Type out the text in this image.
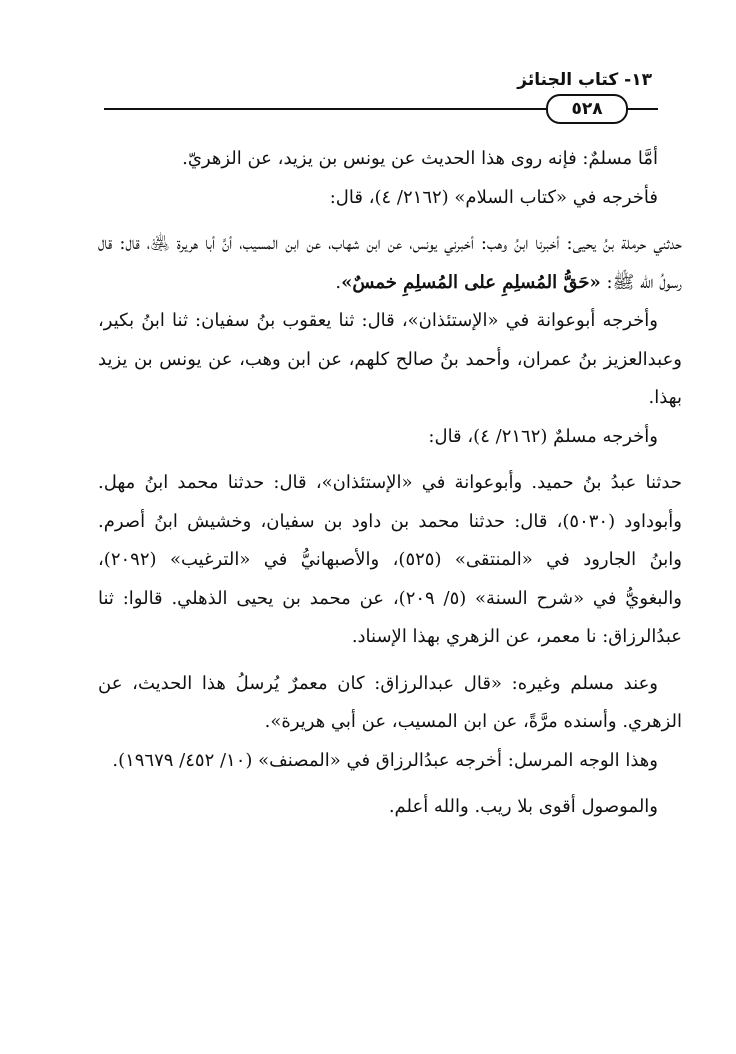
١٣- كتاب الجنائز
٥٢٨

أمَّا مسلمٌ: فإنه روى هذا الحديث عن يونس بن يزيد، عن الزهريّ.

فأخرجه في «كتاب السلام» (٢١٦٢/ ٤)، قال:

حدثني حرملة بنُ يحيى: أخبرنا ابنُ وهب: أخبرني يونس، عن ابن شهاب، عن ابن المسيب، أنَّ أبا هريرة ﵁، قال: قال رسولُ الله ﷺ: «حَقُّ المُسلِمِ على المُسلِمِ خمسٌ».

وأخرجه أبوعوانة في «الإستئذان»، قال: ثنا يعقوب بنُ سفيان: ثنا ابنُ بكير، وعبدالعزيز بنُ عمران، وأحمد بنُ صالح كلهم، عن ابن وهب، عن يونس بن يزيد بهذا.

وأخرجه مسلمٌ (٢١٦٢/ ٤)، قال:

حدثنا عبدُ بنُ حميد. وأبوعوانة في «الإستئذان»، قال: حدثنا محمد ابنُ مهل. وأبوداود (٥٠٣٠)، قال: حدثنا محمد بن داود بن سفيان، وخشيش ابنُ أصرم. وابنُ الجارود في «المنتقى» (٥٢٥)، والأصبهانيُّ في «الترغيب» (٢٠٩٢)، والبغويُّ في «شرح السنة» (٥/ ٢٠٩)، عن محمد بن يحيى الذهلي. قالوا: ثنا عبدُالرزاق: نا معمر، عن الزهري بهذا الإسناد.

وعند مسلم وغيره: «قال عبدالرزاق: كان معمرٌ يُرسلُ هذا الحديث، عن الزهري. وأسنده مرَّةً، عن ابن المسيب، عن أبي هريرة».

وهذا الوجه المرسل: أخرجه عبدُالرزاق في «المصنف» (١٠/ ٤٥٢/ ١٩٦٧٩).

والموصول أقوى بلا ريب. والله أعلم.
